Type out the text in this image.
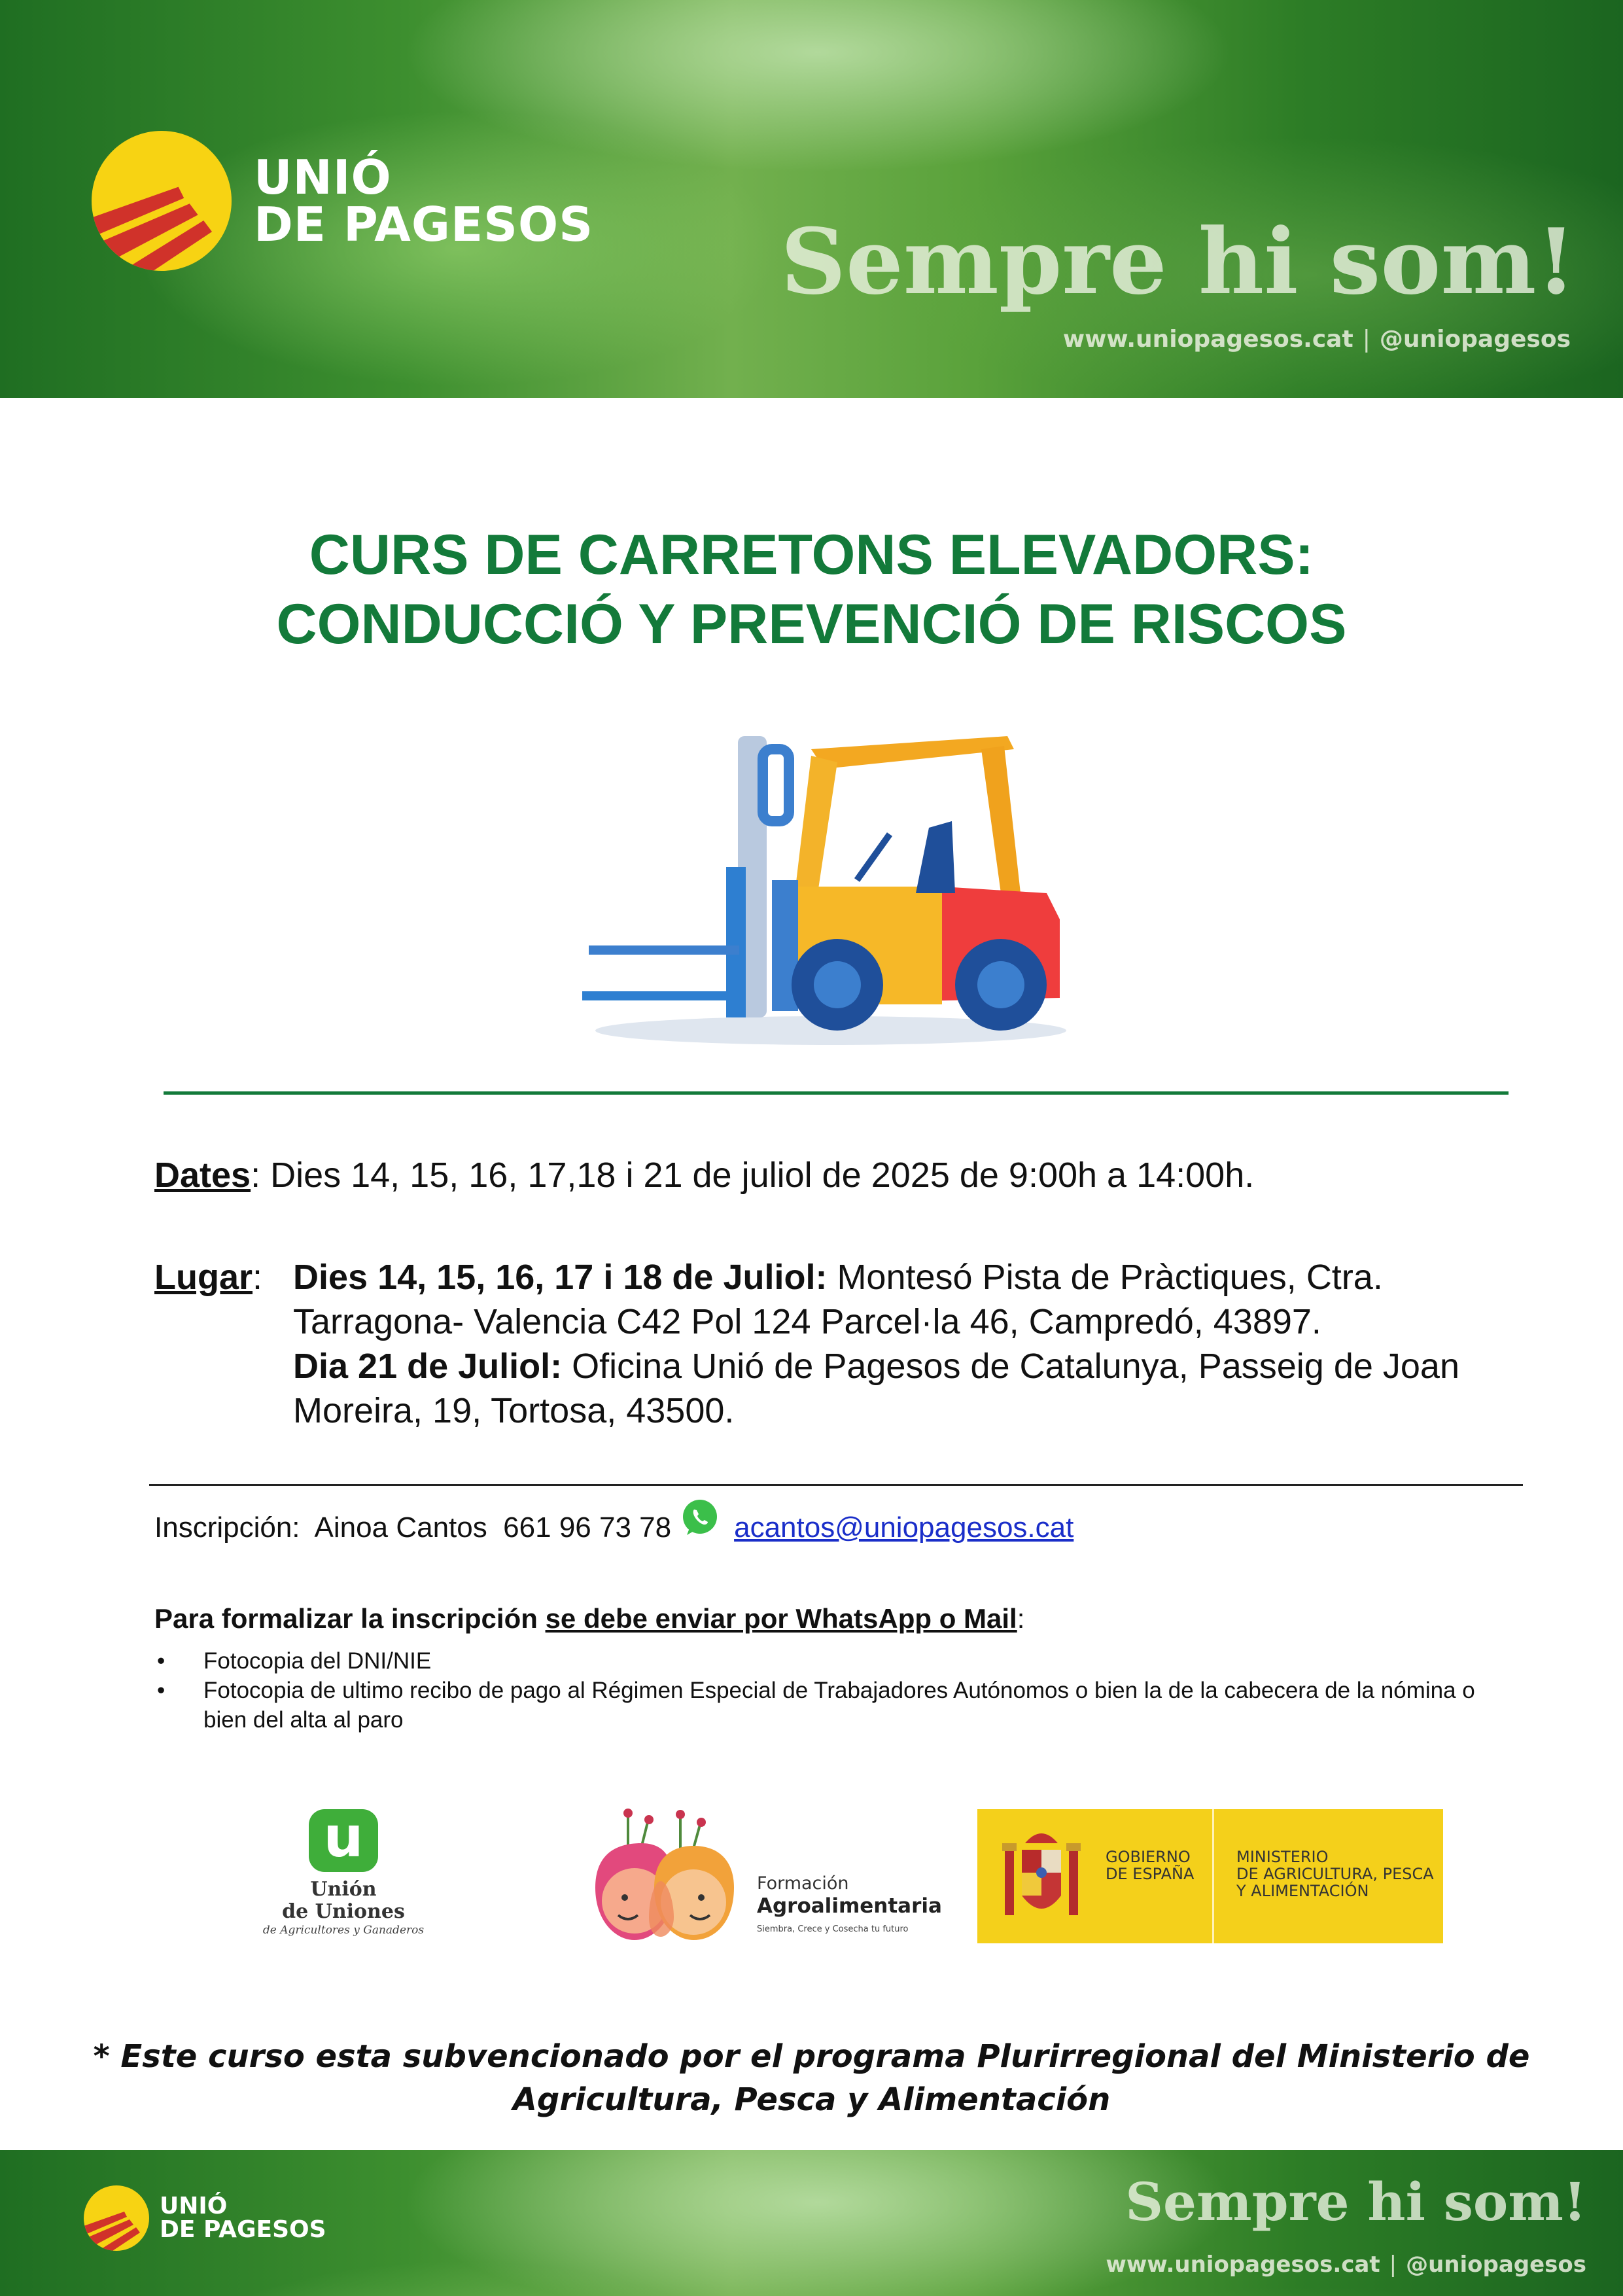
UNIÓ
DE PAGESOS Sempre hi som!
www.uniopagesos.cat | @uniopagesos
CURS DE CARRETONS ELEVADORS:
CONDUCCIÓ Y PREVENCIÓ DE RISCOS
Dates: Dies 14, 15, 16, 17,18 i 21 de juliol de 2025 de 9:00h a 14:00h.
Lugar: Dies 14, 15, 16, 17 i 18 de Juliol: Montesó Pista de Pràctiques, Ctra. Tarragona- Valencia C42 Pol 124 Parcel·la 46, Campredó, 43897.
Dia 21 de Juliol: Oficina Unió de Pagesos de Catalunya, Passeig de Joan Moreira, 19, Tortosa, 43500.
Inscripción:  Ainoa Cantos  661 96 73 78 acantos@uniopagesos.cat
Para formalizar la inscripción se debe enviar por WhatsApp o Mail:
•	Fotocopia del DNI/NIE
•	Fotocopia de ultimo recibo de pago al Régimen Especial de Trabajadores Autónomos o bien la de la cabecera de la nómina o bien del alta al paro
u
Unión
de Uniones
de Agricultores y Ganaderos
Formación
Agroalimentaria
Siembra, Crece y Cosecha tu futuro
GOBIERNO
DE ESPAÑA
MINISTERIO
DE AGRICULTURA, PESCA
Y ALIMENTACIÓN
* Este curso esta subvencionado por el programa Plurirregional del Ministerio de
Agricultura, Pesca y Alimentación
UNIÓ
DE PAGESOS	Sempre hi som!
www.uniopagesos.cat | @uniopagesos
